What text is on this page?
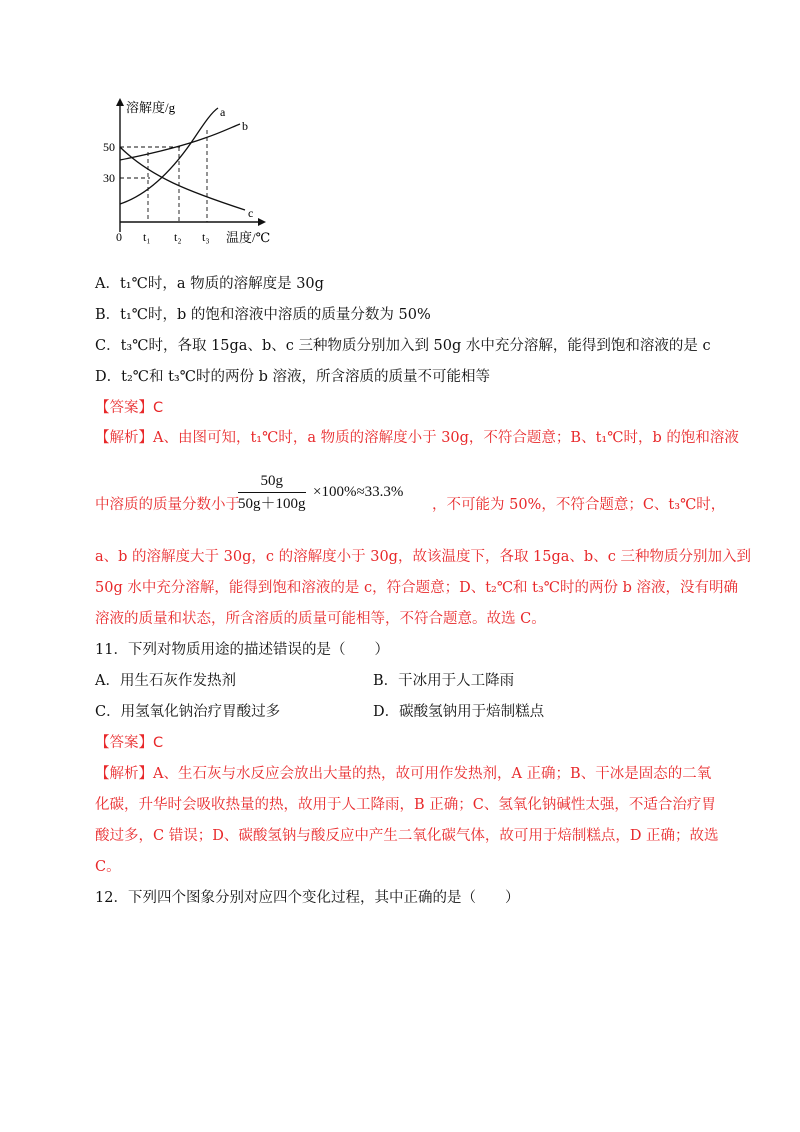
溶解度/g
50
30
0 t₁ t₂ t₃ 温度/℃
a
b
c
A．t₁℃时，a 物质的溶解度是 30g
B．t₁℃时，b 的饱和溶液中溶质的质量分数为 50%
C．t₃℃时，各取 15ga、b、c 三种物质分别加入到 50g 水中充分溶解，能得到饱和溶液的是 c
D．t₂℃和 t₃℃时的两份 b 溶液，所含溶质的质量不可能相等
【答案】C
【解析】A、由图可知，t₁℃时，a 物质的溶解度小于 30g，不符合题意；B、t₁℃时，b 的饱和溶液
中溶质的质量分数小于
$\frac{50g}{50g+100g} \times 100\%\approx 33.3\%$
，不可能为 50%，不符合题意；C、t₃℃时，
a、b 的溶解度大于 30g，c 的溶解度小于 30g，故该温度下，各取 15ga、b、c 三种物质分别加入到
50g 水中充分溶解，能得到饱和溶液的是 c，符合题意；D、t₂℃和 t₃℃时的两份 b 溶液，没有明确
溶液的质量和状态，所含溶质的质量可能相等，不符合题意。故选 C。
11．下列对物质用途的描述错误的是（　　）
A．用生石灰作发热剂	B．干冰用于人工降雨
C．用氢氧化钠治疗胃酸过多	D．碳酸氢钠用于焙制糕点
【答案】C
【解析】A、生石灰与水反应会放出大量的热，故可用作发热剂，A 正确；B、干冰是固态的二氧
化碳，升华时会吸收热量的热，故用于人工降雨，B 正确；C、氢氧化钠碱性太强，不适合治疗胃
酸过多，C 错误；D、碳酸氢钠与酸反应中产生二氧化碳气体，故可用于焙制糕点，D 正确；故选
C。
12．下列四个图象分别对应四个变化过程，其中正确的是（　　）
